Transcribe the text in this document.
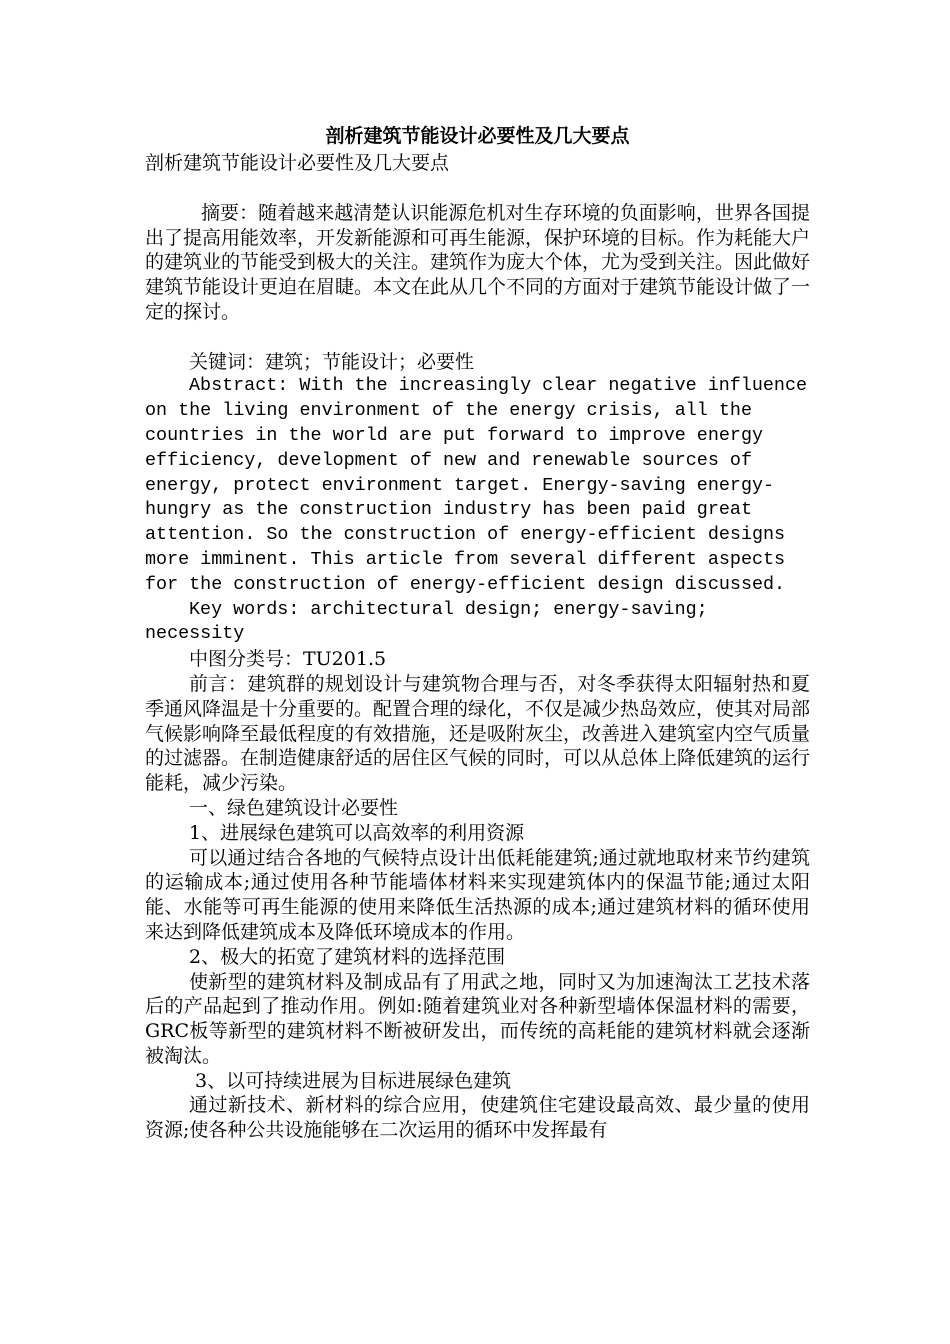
剖析建筑节能设计必要性及几大要点

剖析建筑节能设计必要性及几大要点

摘要：随着越来越清楚认识能源危机对生存环境的负面影响，世界各国提出了提高用能效率，开发新能源和可再生能源，保护环境的目标。作为耗能大户的建筑业的节能受到极大的关注。建筑作为庞大个体，尤为受到关注。因此做好建筑节能设计更迫在眉睫。本文在此从几个不同的方面对于建筑节能设计做了一定的探讨。

关键词：建筑；节能设计；必要性

Abstract: With the increasingly clear negative influence on the living environment of the energy crisis, all the countries in the world are put forward to improve energy efficiency, development of new and renewable sources of energy, protect environment target. Energy-saving energy-hungry as the construction industry has been paid great attention. So the construction of energy-efficient designs more imminent. This article from several different aspects for the construction of energy-efficient design discussed.

Key words: architectural design; energy-saving; necessity

中图分类号：TU201.5

前言：建筑群的规划设计与建筑物合理与否，对冬季获得太阳辐射热和夏季通风降温是十分重要的。配置合理的绿化，不仅是减少热岛效应，使其对局部气候影响降至最低程度的有效措施，还是吸附灰尘，改善进入建筑室内空气质量的过滤器。在制造健康舒适的居住区气候的同时，可以从总体上降低建筑的运行能耗，减少污染。

一、绿色建筑设计必要性

1、进展绿色建筑可以高效率的利用资源

可以通过结合各地的气候特点设计出低耗能建筑;通过就地取材来节约建筑的运输成本;通过使用各种节能墙体材料来实现建筑体内的保温节能;通过太阳能、水能等可再生能源的使用来降低生活热源的成本;通过建筑材料的循环使用来达到降低建筑成本及降低环境成本的作用。

2、极大的拓宽了建筑材料的选择范围

使新型的建筑材料及制成品有了用武之地，同时又为加速淘汰工艺技术落后的产品起到了推动作用。例如:随着建筑业对各种新型墙体保温材料的需要，GRC板等新型的建筑材料不断被研发出，而传统的高耗能的建筑材料就会逐渐被淘汰。

3、以可持续进展为目标进展绿色建筑

通过新技术、新材料的综合应用，使建筑住宅建设最高效、最少量的使用资源;使各种公共设施能够在二次运用的循环中发挥最有
